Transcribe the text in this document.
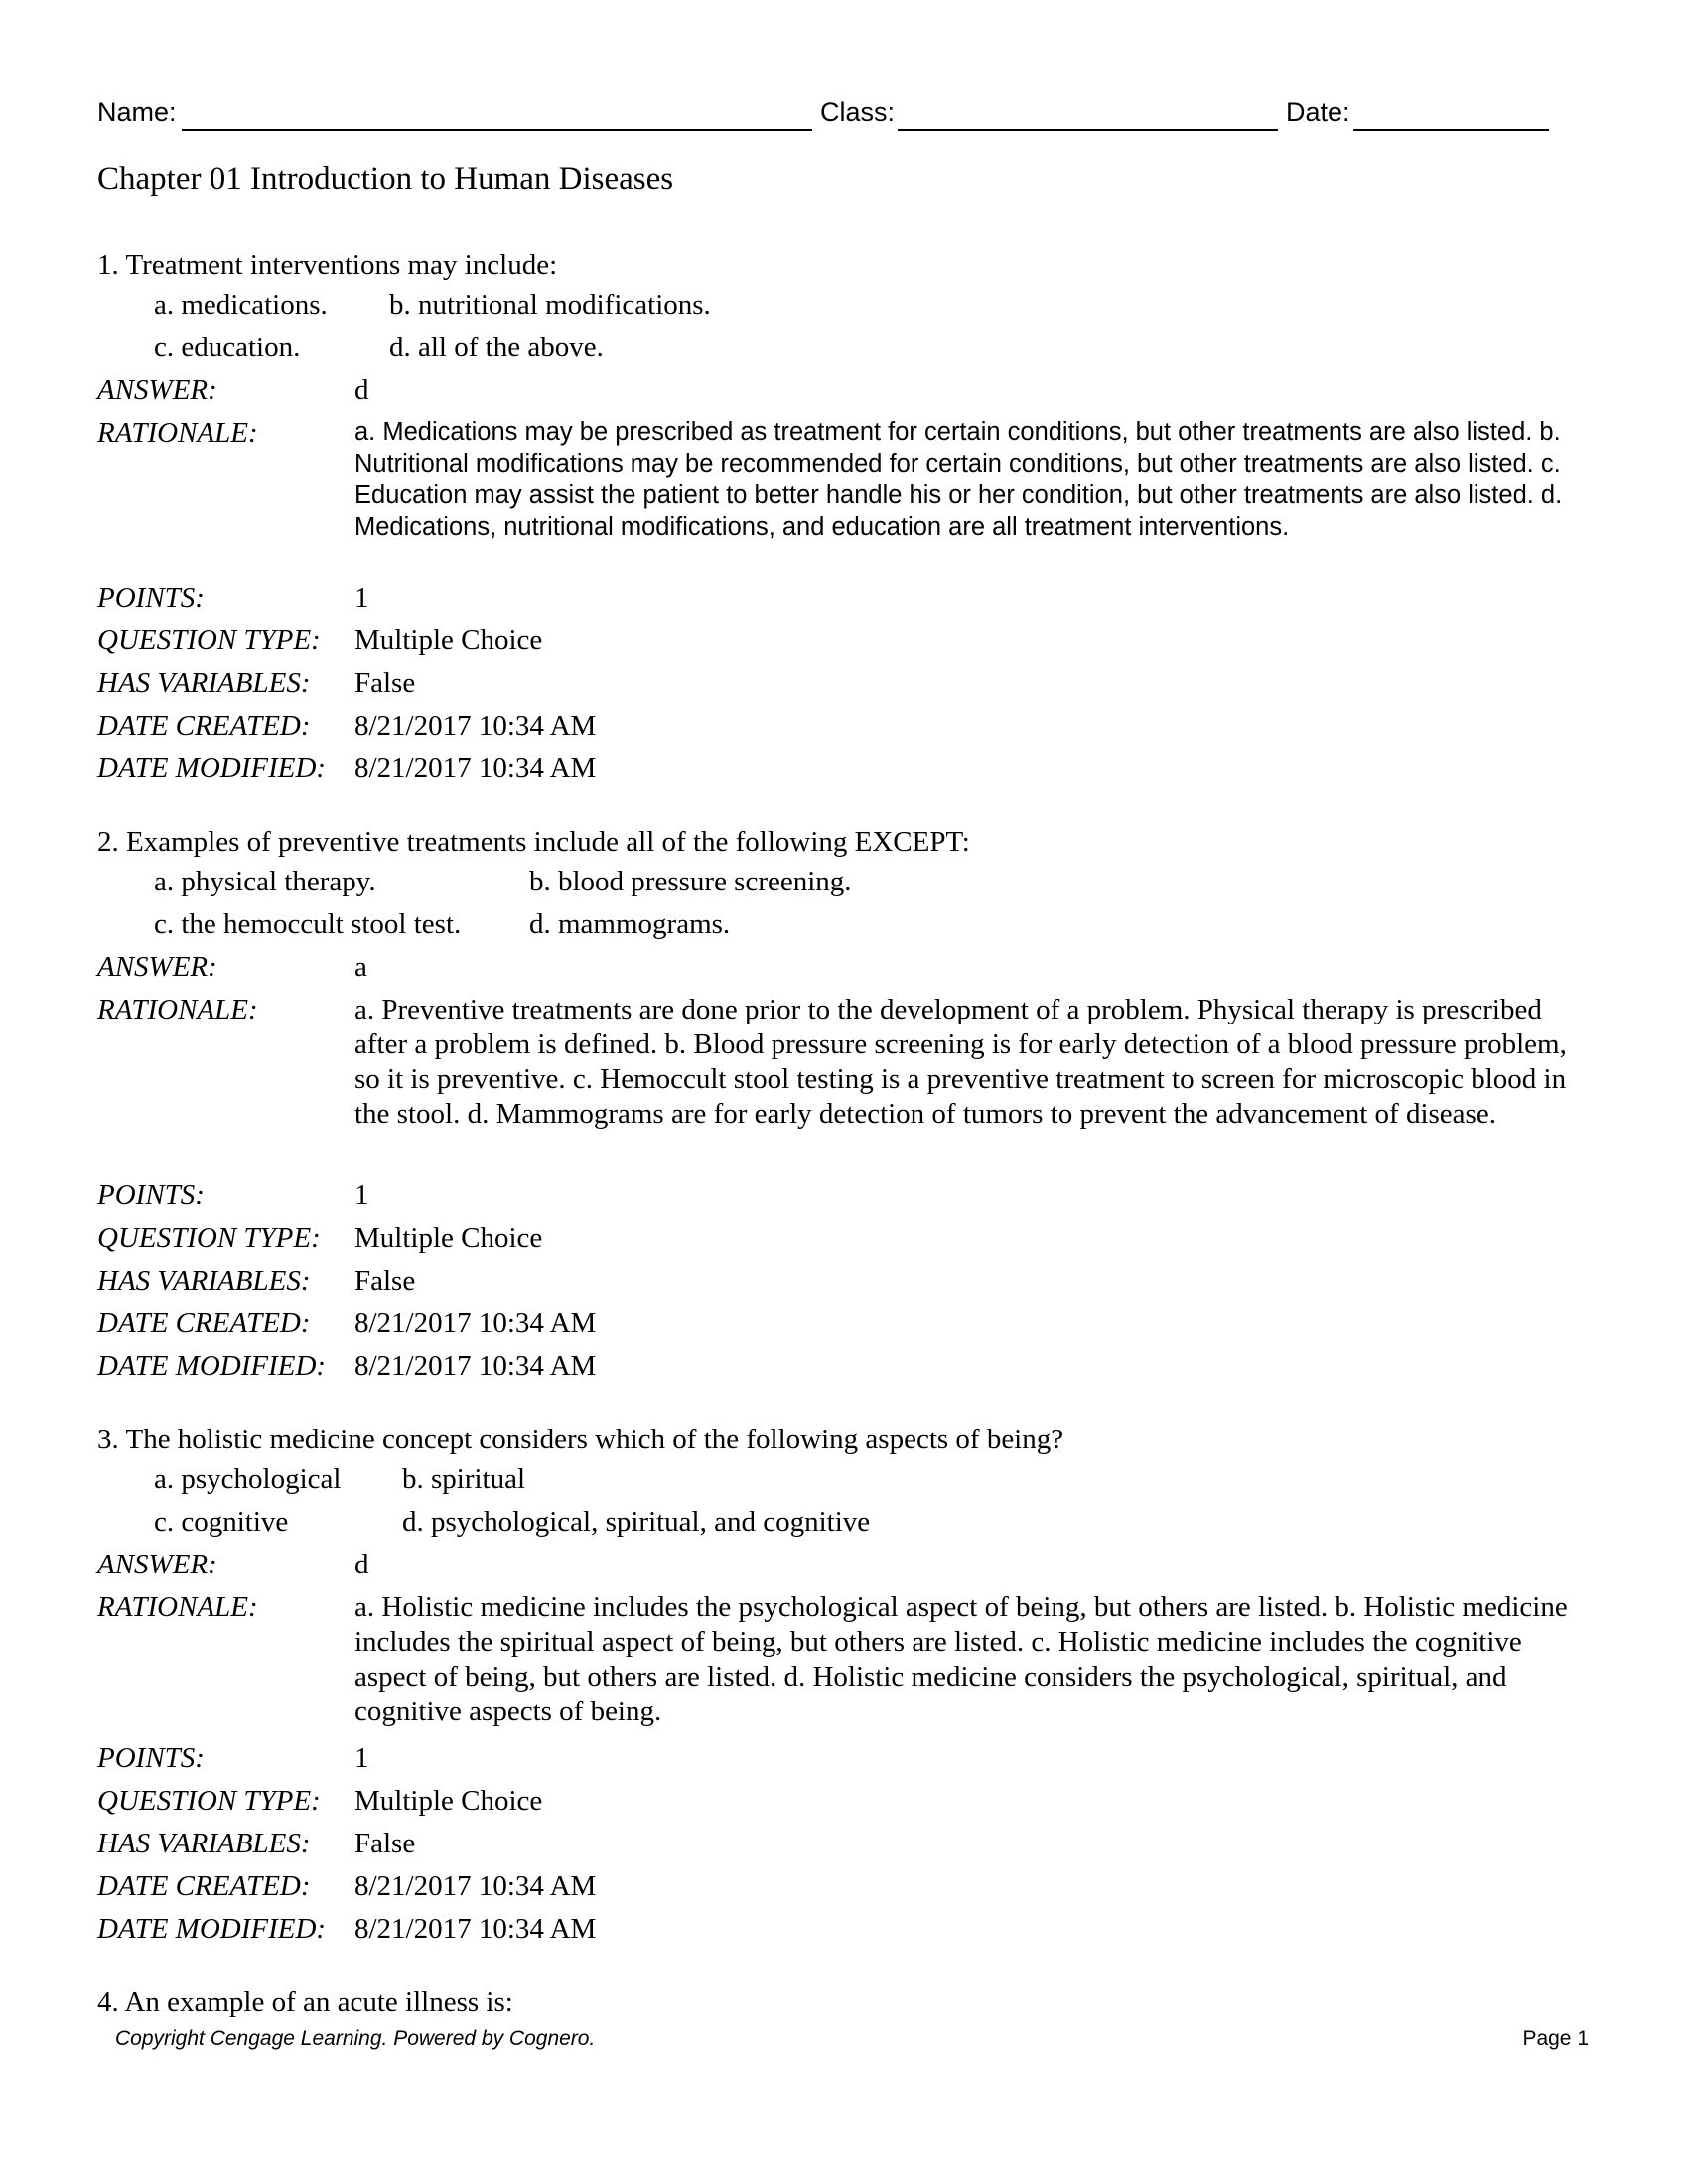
Name:	Class:	Date:
Chapter 01 Introduction to Human Diseases
1. Treatment interventions may include:
a. medications. b. nutritional modifications.
c. education.	d. all of the above.
ANSWER:	d
RATIONALE:	a. Medications may be prescribed as treatment for certain conditions, but other treatments are also listed. b. Nutritional modifications may be recommended for certain conditions, but other treatments are also listed. c. Education may assist the patient to better handle his or her condition, but other treatments are also listed. d. Medications, nutritional modifications, and education are all treatment interventions.
POINTS:	1
QUESTION TYPE: Multiple Choice
HAS VARIABLES: False
DATE CREATED: 8/21/2017 10:34 AM
DATE MODIFIED: 8/21/2017 10:34 AM
2. Examples of preventive treatments include all of the following EXCEPT:
a. physical therapy.	b. blood pressure screening.
c. the hemoccult stool test. d. mammograms.
ANSWER:	a
RATIONALE:	a. Preventive treatments are done prior to the development of a problem. Physical therapy is prescribed after a problem is defined. b. Blood pressure screening is for early detection of a blood pressure problem, so it is preventive. c. Hemoccult stool testing is a preventive treatment to screen for microscopic blood in the stool. d. Mammograms are for early detection of tumors to prevent the advancement of disease.
POINTS:	1
QUESTION TYPE: Multiple Choice
HAS VARIABLES: False
DATE CREATED: 8/21/2017 10:34 AM
DATE MODIFIED: 8/21/2017 10:34 AM
3. The holistic medicine concept considers which of the following aspects of being?
a. psychological b. spiritual
c. cognitive	d. psychological, spiritual, and cognitive
ANSWER:	d
RATIONALE:	a. Holistic medicine includes the psychological aspect of being, but others are listed. b. Holistic medicine includes the spiritual aspect of being, but others are listed. c. Holistic medicine includes the cognitive aspect of being, but others are listed. d. Holistic medicine considers the psychological, spiritual, and cognitive aspects of being.
POINTS:	1
QUESTION TYPE: Multiple Choice
HAS VARIABLES: False
DATE CREATED: 8/21/2017 10:34 AM
DATE MODIFIED: 8/21/2017 10:34 AM
4. An example of an acute illness is:
Copyright Cengage Learning. Powered by Cognero.	Page 1
